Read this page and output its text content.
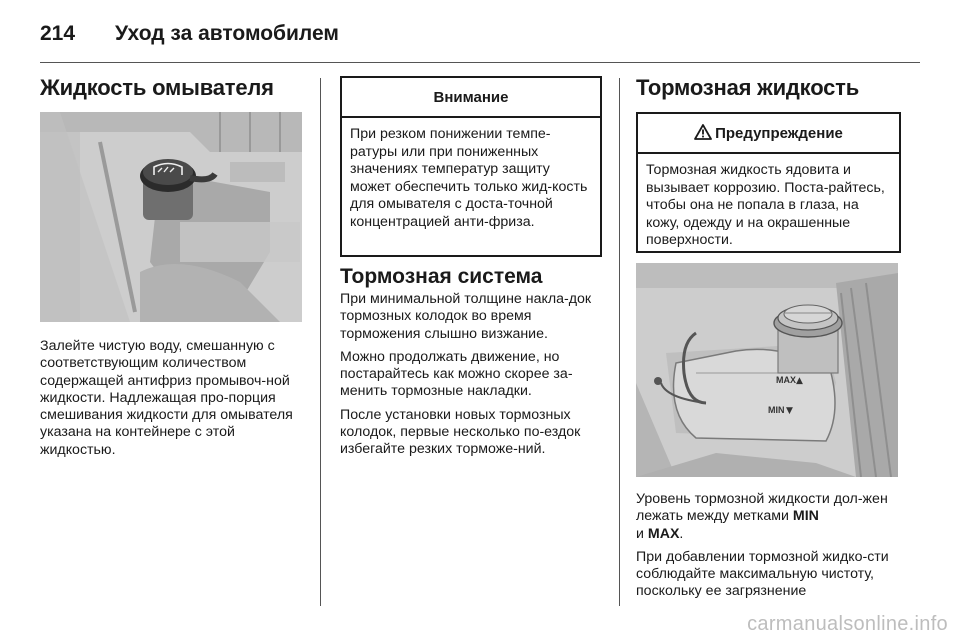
214	Уход за автомобилем
Жидкость омывателя

Залейте чистую воду, смешанную с соответствующим количеством содержащей антифриз промывоч-ной жидкости. Надлежащая про-порция смешивания жидкости для омывателя указана на контейнере с этой жидкостью.

Внимание
При резком понижении темпе-ратуры или при пониженных значениях температур защиту может обеспечить только жид-кость для омывателя с доста-точной концентрацией анти-фриза.
Тормозная система

При минимальной толщине накла-док тормозных колодок во время торможения слышно визжание.

Можно продолжать движение, но постарайтесь как можно скорее за-менить тормозные накладки.

После установки новых тормозных колодок, первые несколько по-ездок избегайте резких торможе-ний.

Тормозная жидкость
Предупреждение
Тормозная жидкость ядовита и вызывает коррозию. Поста-райтесь, чтобы она не попала в глаза, на кожу, одежду и на окрашенные поверхности.
MAX ▲
MIN ▼

Уровень тормозной жидкости дол-жен лежать между метками MIN
и MAX.

При добавлении тормозной жидко-сти соблюдайте максимальную чистоту, поскольку ее загрязнение

carmanualsonline.info
